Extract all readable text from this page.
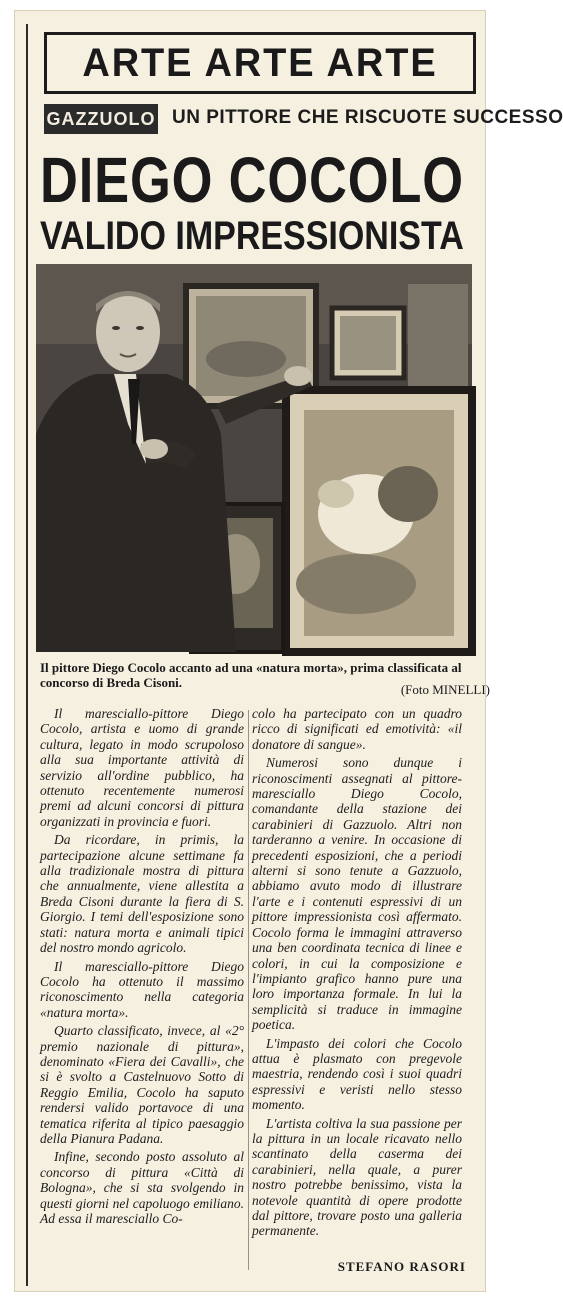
ARTE ARTE ARTE
GAZZUOLO UN PITTORE CHE RISCUOTE SUCCESSO
DIEGO COCOLO
VALIDO IMPRESSIONISTA
Il pittore Diego Cocolo accanto ad una «natura morta», prima classificata al concorso di Breda Cisoni.	(Foto MINELLI)

Il maresciallo-pittore Diego Cocolo, artista e uomo di grande cultura, legato in modo scrupoloso alla sua importante attività di servizio all'ordine pubblico, ha ottenuto recentemente numerosi premi ad alcuni concorsi di pittura organizzati in provincia e fuori.

Da ricordare, in primis, la partecipazione alcune settimane fa alla tradizionale mostra di pittura che annualmente, viene allestita a Breda Cisoni durante la fiera di S. Giorgio. I temi dell'esposizione sono stati: natura morta e animali tipici del nostro mondo agricolo.

Il maresciallo-pittore Diego Cocolo ha ottenuto il massimo riconoscimento nella categoria «natura morta».

Quarto classificato, invece, al «2° premio nazionale di pittura», denominato «Fiera dei Cavalli», che si è svolto a Castelnuovo Sotto di Reggio Emilia, Cocolo ha saputo rendersi valido portavoce di una tematica riferita al tipico paesaggio della Pianura Padana.

Infine, secondo posto assoluto al concorso di pittura «Città di Bologna», che si sta svolgendo in questi giorni nel capoluogo emiliano. Ad essa il maresciallo Co-

colo ha partecipato con un quadro ricco di significati ed emotività: «il donatore di sangue».

Numerosi sono dunque i riconoscimenti assegnati al pittore-maresciallo Diego Cocolo, comandante della stazione dei carabinieri di Gazzuolo. Altri non tarderanno a venire. In occasione di precedenti esposizioni, che a periodi alterni si sono tenute a Gazzuolo, abbiamo avuto modo di illustrare l'arte e i contenuti espressivi di un pittore impressionista così affermato. Cocolo forma le immagini attraverso una ben coordinata tecnica di linee e colori, in cui la composizione e l'impianto grafico hanno pure una loro importanza formale. In lui la semplicità si traduce in immagine poetica.

L'impasto dei colori che Cocolo attua è plasmato con pregevole maestria, rendendo così i suoi quadri espressivi e veristi nello stesso momento.

L'artista coltiva la sua passione per la pittura in un locale ricavato nello scantinato della caserma dei carabinieri, nella quale, a purer nostro potrebbe benissimo, vista la notevole quantità di opere prodotte dal pittore, trovare posto una galleria permanente.

STEFANO RASORI
